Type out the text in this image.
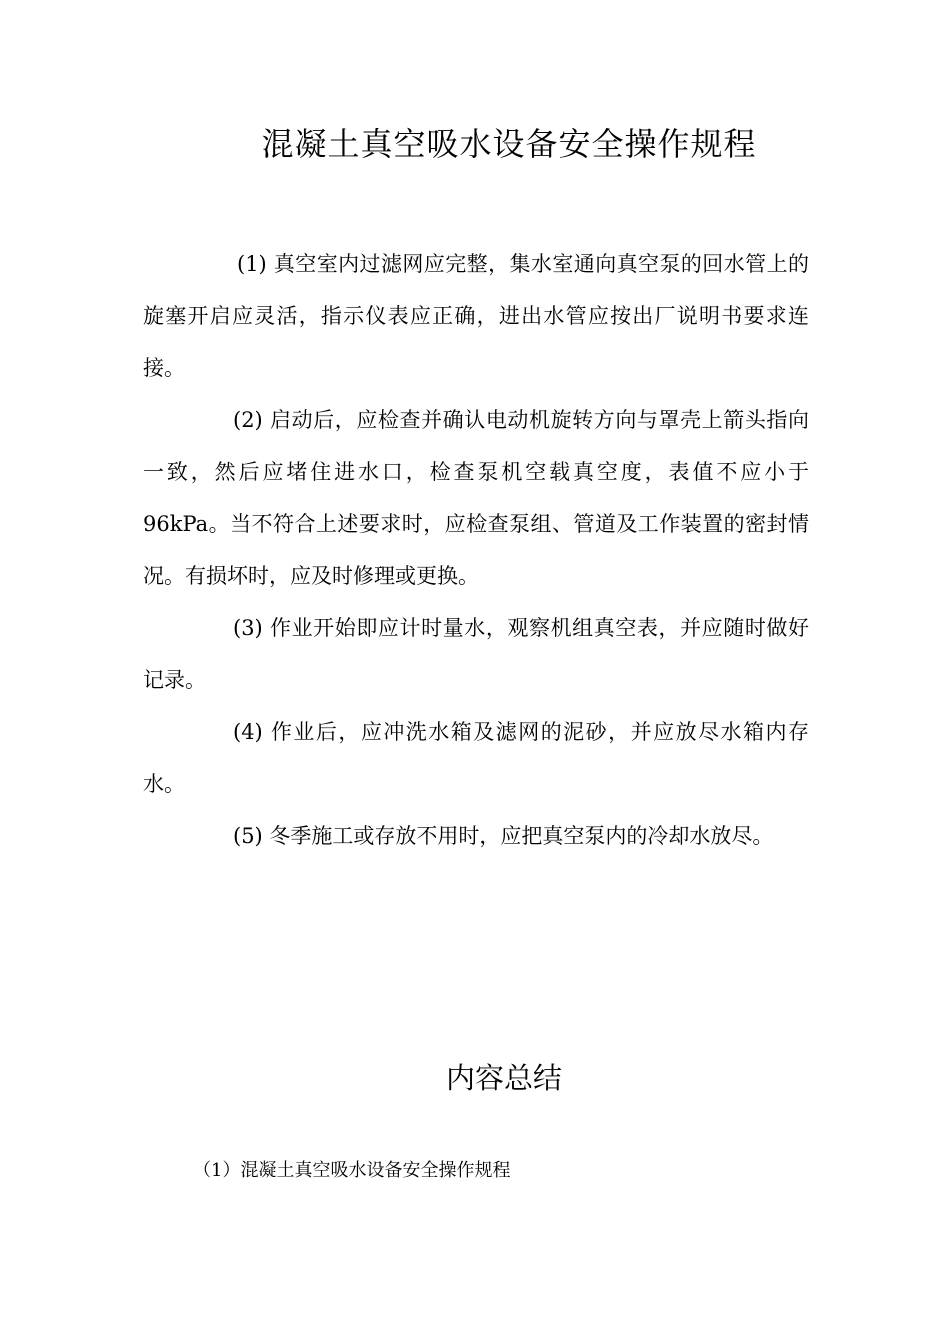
混凝土真空吸水设备安全操作规程

(1) 真空室内过滤网应完整，集水室通向真空泵的回水管上的旋塞开启应灵活，指示仪表应正确，进出水管应按出厂说明书要求连接。

(2) 启动后，应检查并确认电动机旋转方向与罩壳上箭头指向一致，然后应堵住进水口，检查泵机空载真空度，表值不应小于96kPa。当不符合上述要求时，应检查泵组、管道及工作装置的密封情况。有损坏时，应及时修理或更换。

(3) 作业开始即应计时量水，观察机组真空表，并应随时做好记录。

(4) 作业后，应冲洗水箱及滤网的泥砂，并应放尽水箱内存水。

(5) 冬季施工或存放不用时，应把真空泵内的冷却水放尽。

内容总结

（1）混凝土真空吸水设备安全操作规程
